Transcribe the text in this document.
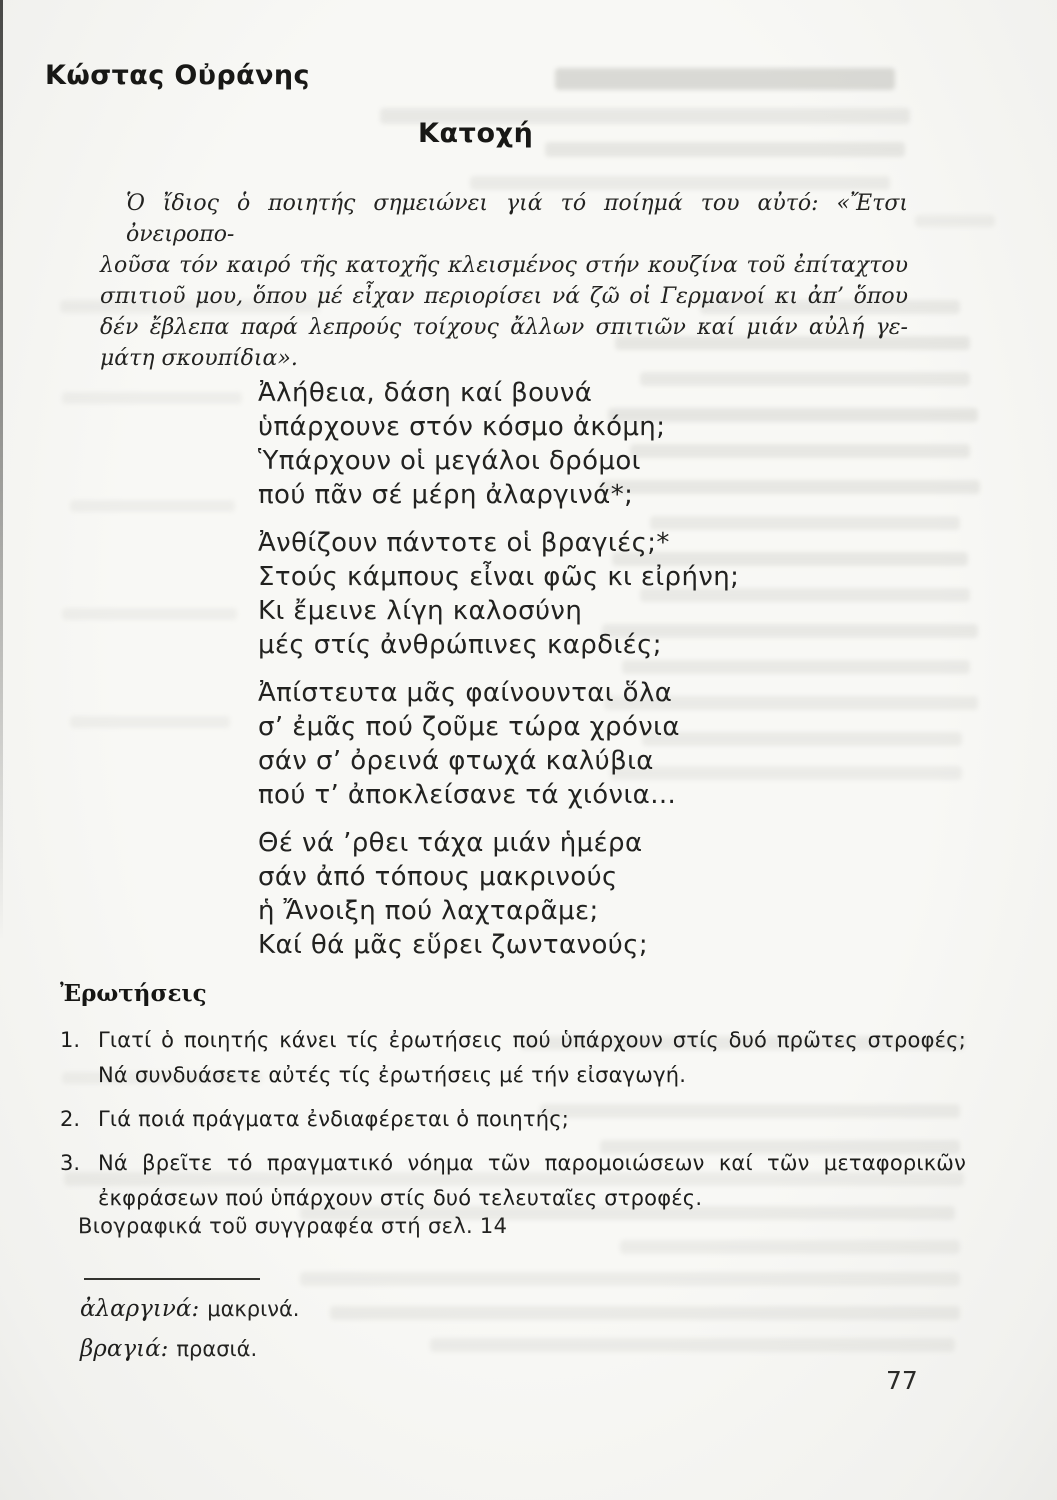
Κώστας Οὐράνης
Κατοχή
Ὁ ἴδιος ὁ ποιητής σημειώνει γιά τό ποίημά του αὐτό: «Ἔτσι ὀνειροπο-
λοῦσα τόν καιρό τῆς κατοχῆς κλεισμένος στήν κουζίνα τοῦ ἐπίταχτου
σπιτιοῦ μου, ὅπου μέ εἶχαν περιορίσει νά ζῶ οἱ Γερμανοί κι ἀπ’ ὅπου
δέν ἔβλεπα παρά λεπρούς τοίχους ἄλλων σπιτιῶν καί μιάν αὐλή γε-
μάτη σκουπίδια».
Ἀλήθεια, δάση καί βουνά
ὑπάρχουνε στόν κόσμο ἀκόμη;
Ὑπάρχουν οἱ μεγάλοι δρόμοι
πού πᾶν σέ μέρη ἀλαργινά*;
Ἀνθίζουν πάντοτε οἱ βραγιές;*
Στούς κάμπους εἶναι φῶς κι εἰρήνη;
Κι ἔμεινε λίγη καλοσύνη
μές στίς ἀνθρώπινες καρδιές;
Ἀπίστευτα μᾶς φαίνουνται ὅλα
σ’ ἐμᾶς πού ζοῦμε τώρα χρόνια
σάν σ’ ὀρεινά φτωχά καλύβια
πού τ’ ἀποκλείσανε τά χιόνια...
Θέ νά ’ρθει τάχα μιάν ἡμέρα
σάν ἀπό τόπους μακρινούς
ἡ Ἄνοιξη πού λαχταρᾶμε;
Καί θά μᾶς εὕρει ζωντανούς;
Ἐρωτήσεις
1. Γιατί ὁ ποιητής κάνει τίς ἐρωτήσεις πού ὑπάρχουν στίς δυό πρῶτες στροφές; Νά συνδυάσετε αὐτές τίς ἐρωτήσεις μέ τήν εἰσαγωγή.
2. Γιά ποιά πράγματα ἐνδιαφέρεται ὁ ποιητής;
3. Νά βρεῖτε τό πραγματικό νόημα τῶν παρομοιώσεων καί τῶν μεταφορικῶν ἐκφράσεων πού ὑπάρχουν στίς δυό τελευταῖες στροφές.
Βιογραφικά τοῦ συγγραφέα στή σελ. 14
ἀλαργινά: μακρινά.
βραγιά: πρασιά.
77
